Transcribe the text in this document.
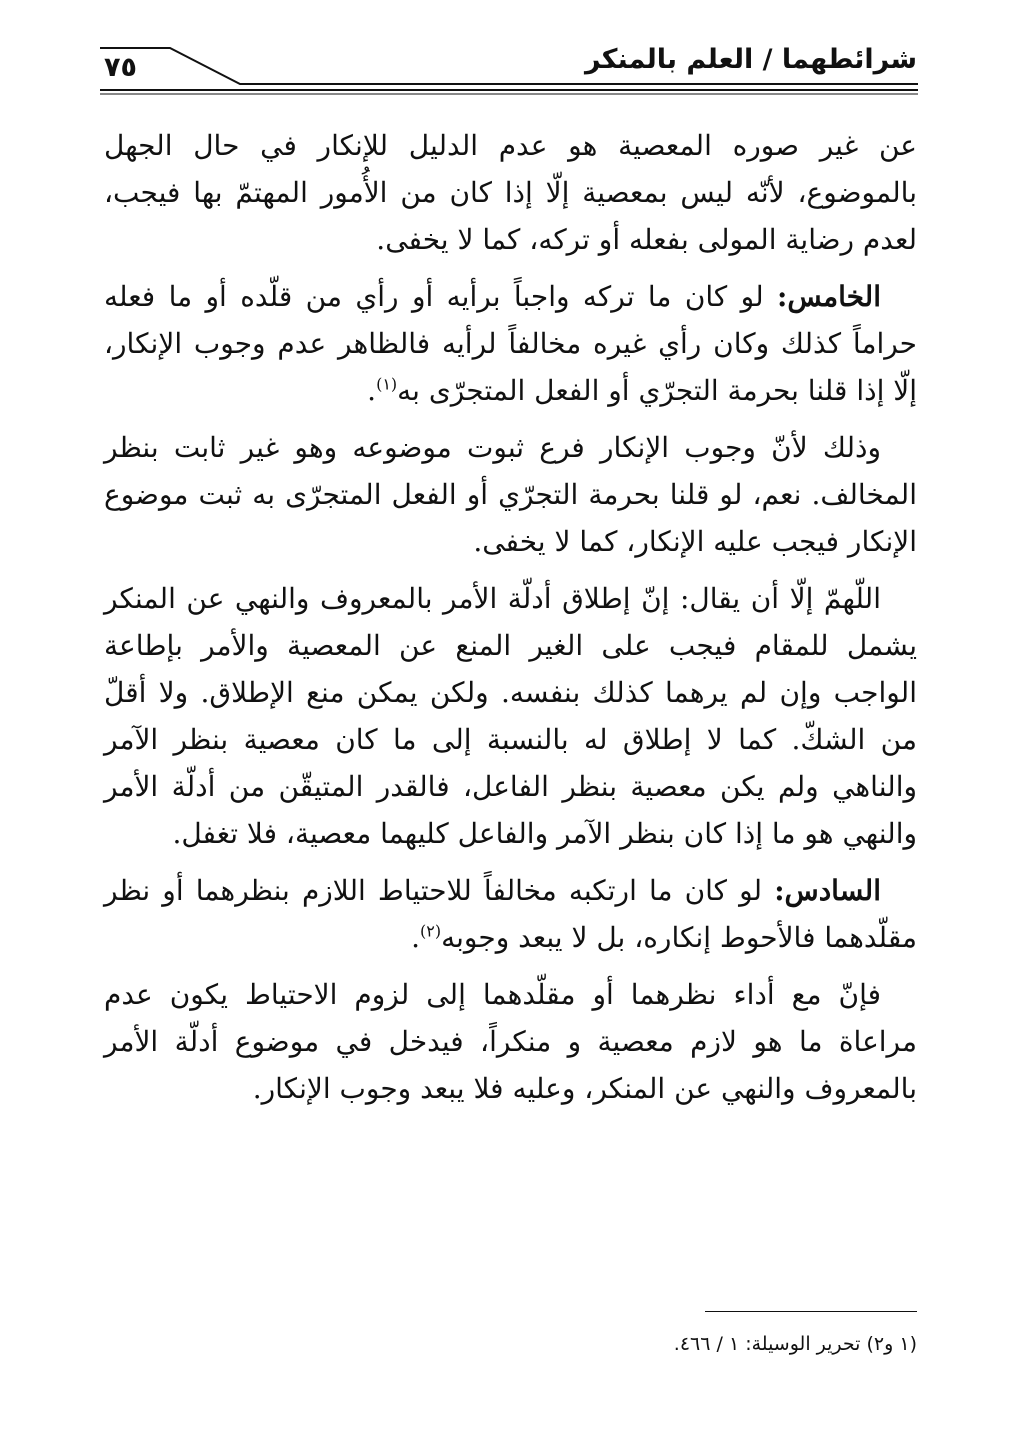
شرائطهما / العلم بالمنكر
٧٥

عن غير صوره المعصية هو عدم الدليل للإنكار في حال الجهل بالموضوع، لأنّه ليس بمعصية إلّا إذا كان من الأُمور المهتمّ بها فيجب، لعدم رضاية المولى بفعله أو تركه، كما لا يخفى.

الخامس: لو كان ما تركه واجباً برأيه أو رأي من قلّده أو ما فعله حراماً كذلك وكان رأي غيره مخالفاً لرأيه فالظاهر عدم وجوب الإنكار، إلّا إذا قلنا بحرمة التجرّي أو الفعل المتجرّى به$^{(١)}$.

وذلك لأنّ وجوب الإنكار فرع ثبوت موضوعه وهو غير ثابت بنظر المخالف. نعم، لو قلنا بحرمة التجرّي أو الفعل المتجرّى به ثبت موضوع الإنكار فيجب عليه الإنكار، كما لا يخفى.

اللّهمّ إلّا أن يقال: إنّ إطلاق أدلّة الأمر بالمعروف والنهي عن المنكر يشمل للمقام فيجب على الغير المنع عن المعصية والأمر بإطاعة الواجب وإن لم يرهما كذلك بنفسه. ولكن يمكن منع الإطلاق. ولا أقلّ من الشكّ. كما لا إطلاق له بالنسبة إلى ما كان معصية بنظر الآمر والناهي ولم يكن معصية بنظر الفاعل، فالقدر المتيقّن من أدلّة الأمر والنهي هو ما إذا كان بنظر الآمر والفاعل كليهما معصية، فلا تغفل.

السادس: لو كان ما ارتكبه مخالفاً للاحتياط اللازم بنظرهما أو نظر مقلّدهما فالأحوط إنكاره، بل لا يبعد وجوبه$^{(٢)}$.

فإنّ مع أداء نظرهما أو مقلّدهما إلى لزوم الاحتياط يكون عدم مراعاة ما هو لازم معصية و منكراً، فيدخل في موضوع أدلّة الأمر بالمعروف والنهي عن المنكر، وعليه فلا يبعد وجوب الإنكار.

(١ و٢) تحرير الوسيلة: ١ / ٤٦٦.
